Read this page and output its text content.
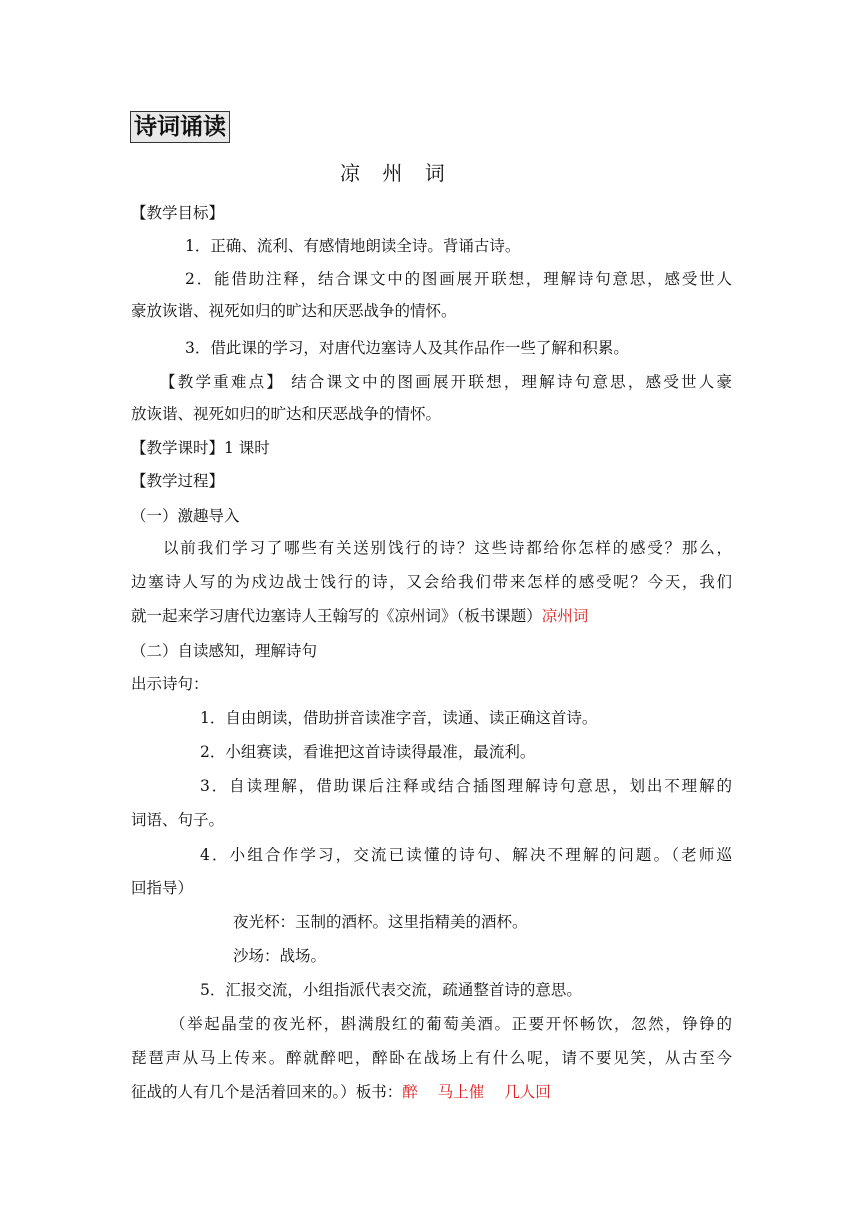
诗词诵读
凉 州 词
【教学目标】
1．正确、流利、有感情地朗读全诗。背诵古诗。
2．能借助注释，结合课文中的图画展开联想，理解诗句意思，感受世人
豪放诙谐、视死如归的旷达和厌恶战争的情怀。
3．借此课的学习，对唐代边塞诗人及其作品作一些了解和积累。
【教学重难点】 结合课文中的图画展开联想，理解诗句意思，感受世人豪
放诙谐、视死如归的旷达和厌恶战争的情怀。
【教学课时】1 课时
【教学过程】
（一）激趣导入
以前我们学习了哪些有关送别饯行的诗？这些诗都给你怎样的感受？那么，
边塞诗人写的为戍边战士饯行的诗，又会给我们带来怎样的感受呢？今天，我们
就一起来学习唐代边塞诗人王翰写的《凉州词》（板书课题）凉州词
（二）自读感知，理解诗句
出示诗句：
1．自由朗读，借助拼音读准字音，读通、读正确这首诗。
2．小组赛读，看谁把这首诗读得最准，最流利。
3．自读理解，借助课后注释或结合插图理解诗句意思，划出不理解的
词语、句子。
4．小组合作学习，交流已读懂的诗句、解决不理解的问题。（老师巡
回指导）
夜光杯：玉制的酒杯。这里指精美的酒杯。
沙场：战场。
5．汇报交流，小组指派代表交流，疏通整首诗的意思。
（举起晶莹的夜光杯，斟满殷红的葡萄美酒。正要开怀畅饮，忽然，铮铮的
琵琶声从马上传来。醉就醉吧，醉卧在战场上有什么呢，请不要见笑，从古至今
征战的人有几个是活着回来的。）板书：醉 马上催 几人回
